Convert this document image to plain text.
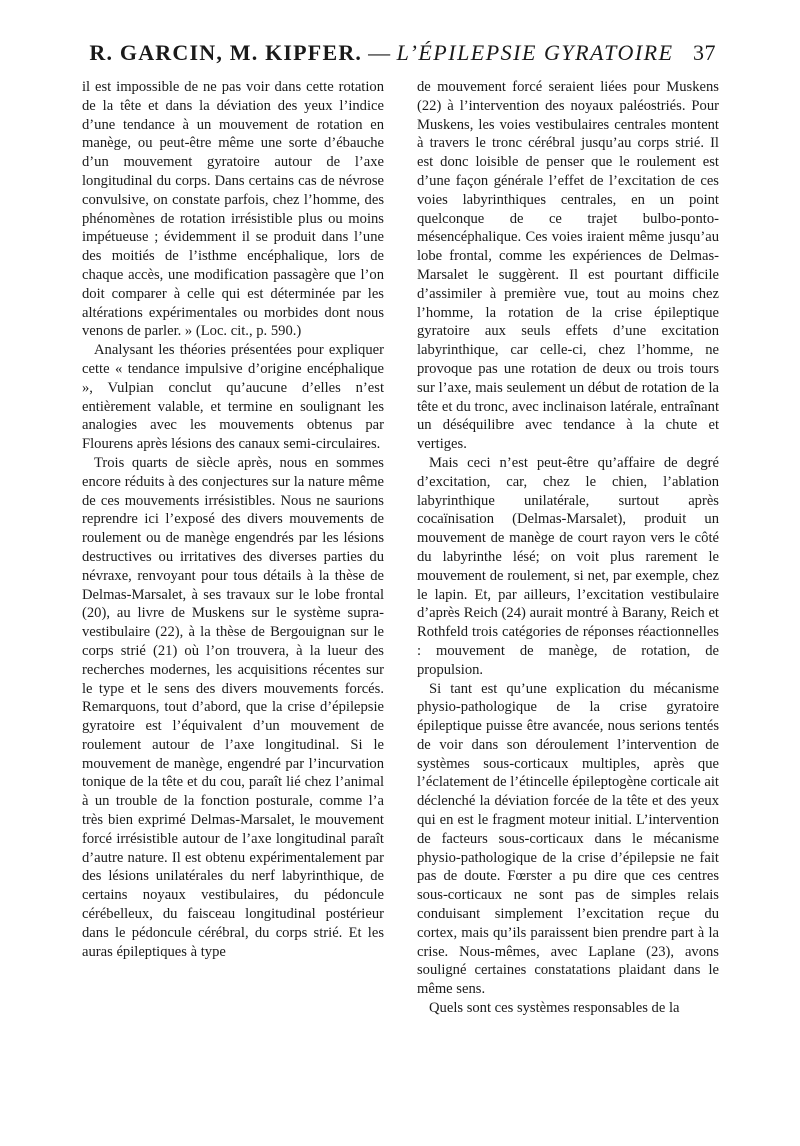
R. GARCIN, M. KIPFER. — L’ÉPILEPSIE GYRATOIRE 37

il est impossible de ne pas voir dans cette rotation de la tête et dans la déviation des yeux l’indice d’une tendance à un mouvement de rotation en manège, ou peut-être même une sorte d’ébauche d’un mouvement gyratoire autour de l’axe longitudinal du corps. Dans certains cas de névrose convulsive, on constate parfois, chez l’homme, des phénomènes de rotation irrésistible plus ou moins impétueuse ; évidemment il se produit dans l’une des moitiés de l’isthme encéphalique, lors de chaque accès, une modification passagère que l’on doit comparer à celle qui est déterminée par les altérations expérimentales ou morbides dont nous venons de parler. » (Loc. cit., p. 590.)

Analysant les théories présentées pour expliquer cette « tendance impulsive d’origine encéphalique », Vulpian conclut qu’aucune d’elles n’est entièrement valable, et termine en soulignant les analogies avec les mouvements obtenus par Flourens après lésions des canaux semi-circulaires.

Trois quarts de siècle après, nous en sommes encore réduits à des conjectures sur la nature même de ces mouvements irrésistibles. Nous ne saurions reprendre ici l’exposé des divers mouvements de roulement ou de manège engendrés par les lésions destructives ou irritatives des diverses parties du névraxe, renvoyant pour tous détails à la thèse de Delmas-Marsalet, à ses travaux sur le lobe frontal (20), au livre de Muskens sur le système supra-vestibulaire (22), à la thèse de Bergouignan sur le corps strié (21) où l’on trouvera, à la lueur des recherches modernes, les acquisitions récentes sur le type et le sens des divers mouvements forcés. Remarquons, tout d’abord, que la crise d’épilepsie gyratoire est l’équivalent d’un mouvement de roulement autour de l’axe longitudinal. Si le mouvement de manège, engendré par l’incurvation tonique de la tête et du cou, paraît lié chez l’animal à un trouble de la fonction posturale, comme l’a très bien exprimé Delmas-Marsalet, le mouvement forcé irrésistible autour de l’axe longitudinal paraît d’autre nature. Il est obtenu expérimentalement par des lésions unilatérales du nerf labyrinthique, de certains noyaux vestibulaires, du pédoncule cérébelleux, du faisceau longitudinal postérieur dans le pédoncule cérébral, du corps strié. Et les auras épileptiques à type

de mouvement forcé seraient liées pour Muskens (22) à l’intervention des noyaux paléostriés. Pour Muskens, les voies vestibulaires centrales montent à travers le tronc cérébral jusqu’au corps strié. Il est donc loisible de penser que le roulement est d’une façon générale l’effet de l’excitation de ces voies labyrinthiques centrales, en un point quelconque de ce trajet bulbo-ponto-mésencéphalique. Ces voies iraient même jusqu’au lobe frontal, comme les expériences de Delmas-Marsalet le suggèrent. Il est pourtant difficile d’assimiler à première vue, tout au moins chez l’homme, la rotation de la crise épileptique gyratoire aux seuls effets d’une excitation labyrinthique, car celle-ci, chez l’homme, ne provoque pas une rotation de deux ou trois tours sur l’axe, mais seulement un début de rotation de la tête et du tronc, avec inclinaison latérale, entraînant un déséquilibre avec tendance à la chute et vertiges.

Mais ceci n’est peut-être qu’affaire de degré d’excitation, car, chez le chien, l’ablation labyrinthique unilatérale, surtout après cocaïnisation (Delmas-Marsalet), produit un mouvement de manège de court rayon vers le côté du labyrinthe lésé; on voit plus rarement le mouvement de roulement, si net, par exemple, chez le lapin. Et, par ailleurs, l’excitation vestibulaire d’après Reich (24) aurait montré à Barany, Reich et Rothfeld trois catégories de réponses réactionnelles : mouvement de manège, de rotation, de propulsion.

Si tant est qu’une explication du mécanisme physio-pathologique de la crise gyratoire épileptique puisse être avancée, nous serions tentés de voir dans son déroulement l’intervention de systèmes sous-corticaux multiples, après que l’éclatement de l’étincelle épileptogène corticale ait déclenché la déviation forcée de la tête et des yeux qui en est le fragment moteur initial. L’intervention de facteurs sous-corticaux dans le mécanisme physio-pathologique de la crise d’épilepsie ne fait pas de doute. Fœrster a pu dire que ces centres sous-corticaux ne sont pas de simples relais conduisant simplement l’excitation reçue du cortex, mais qu’ils paraissent bien prendre part à la crise. Nous-mêmes, avec Laplane (23), avons souligné certaines constatations plaidant dans le même sens.

Quels sont ces systèmes responsables de la
